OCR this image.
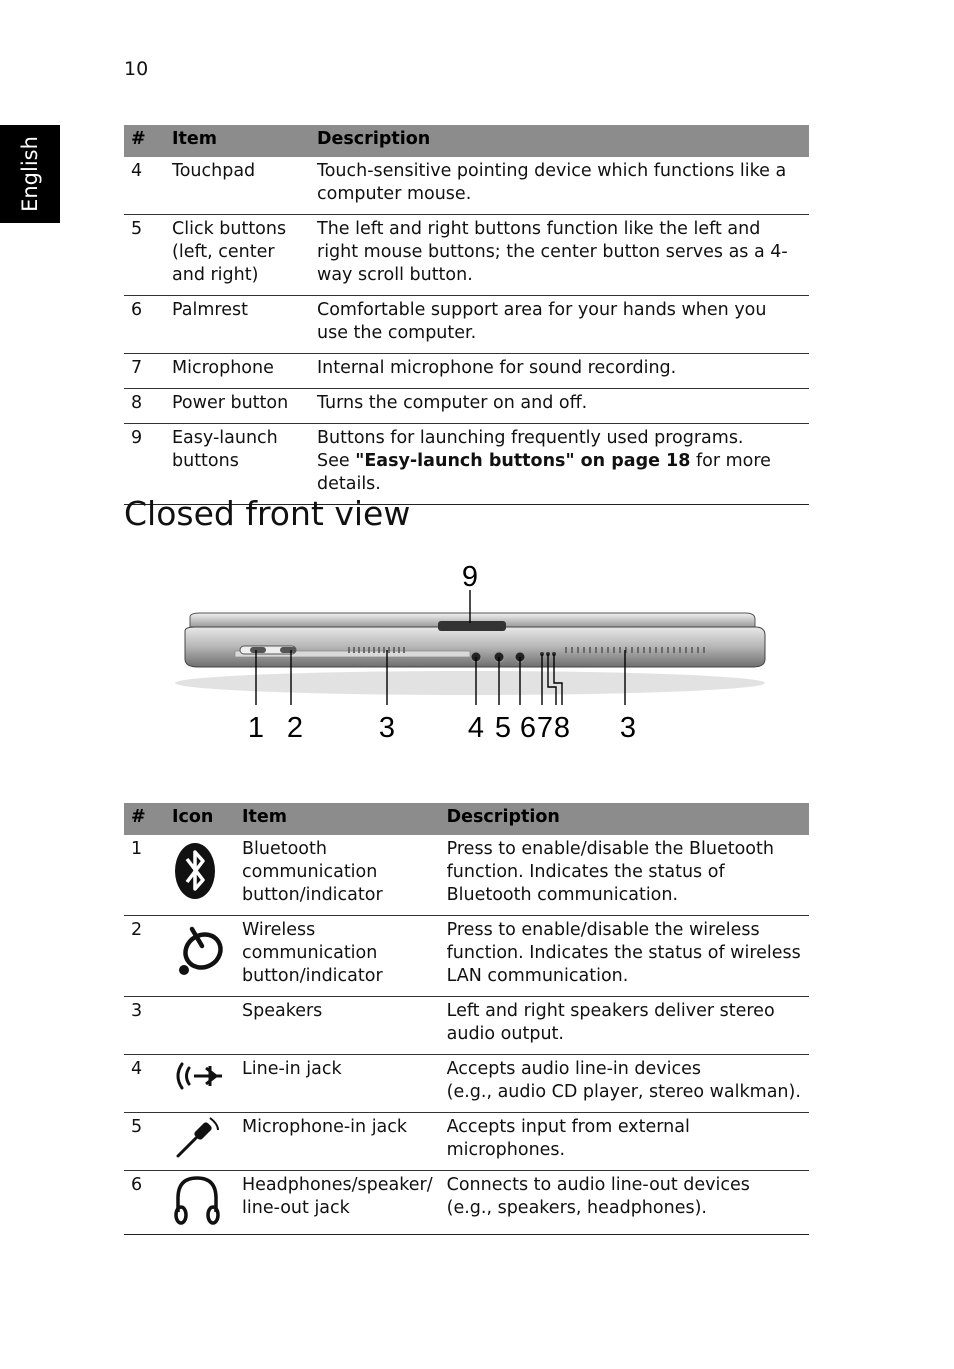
10
English	#	Item	Description
4	Touchpad	Touch-sensitive pointing device which functions like a computer mouse.
5	Click buttons (left, center and right)	The left and right buttons function like the left and right mouse buttons; the center button serves as a 4-way scroll button.
6	Palmrest	Comfortable support area for your hands when you use the computer.
7	Microphone	Internal microphone for sound recording.
8	Power button	Turns the computer on and off.
9	Easy-launch buttons	Buttons for launching frequently used programs.
See "Easy-launch buttons" on page 18 for more details.
Closed front view
9
1 2	3	4 5 6 7 8 3
#	Icon	Item	Description
1		Bluetooth communication button/indicator	Press to enable/disable the Bluetooth function. Indicates the status of Bluetooth communication.
2		Wireless communication button/indicator	Press to enable/disable the wireless function. Indicates the status of wireless LAN communication.
3		Speakers	Left and right speakers deliver stereo audio output.
4		Line-in jack	Accepts audio line-in devices
(e.g., audio CD player, stereo walkman).
5		Microphone-in jack	Accepts input from external microphones.
6		Headphones/speaker/
line-out jack	Connects to audio line-out devices
(e.g., speakers, headphones).
